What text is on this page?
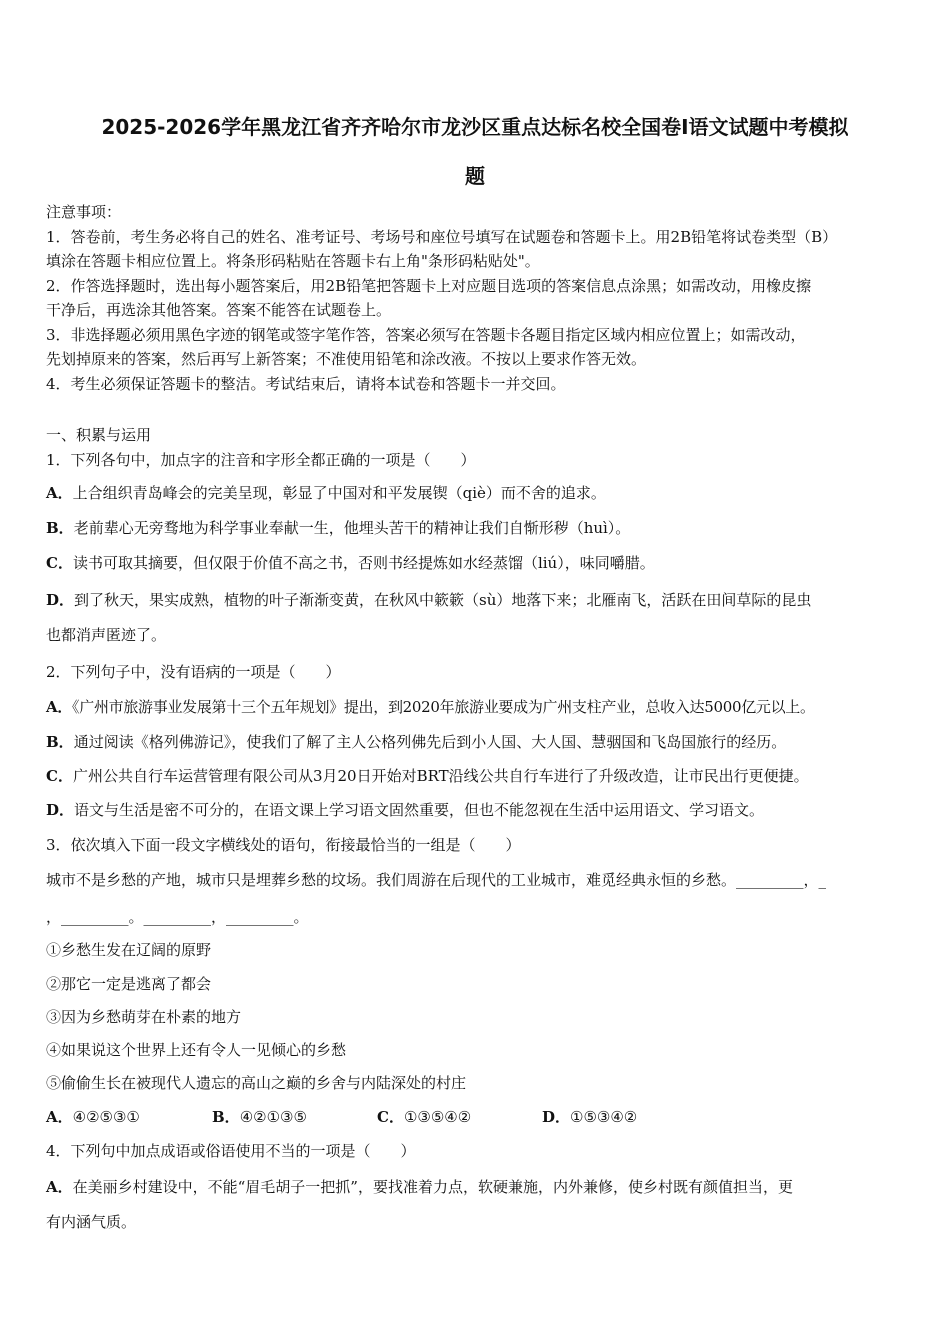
2025-2026学年黑龙江省齐齐哈尔市龙沙区重点达标名校全国卷Ⅰ语文试题中考模拟
题
注意事项：
1．答卷前，考生务必将自己的姓名、准考证号、考场号和座位号填写在试题卷和答题卡上。用2B铅笔将试卷类型（B）
填涂在答题卡相应位置上。将条形码粘贴在答题卡右上角"条形码粘贴处"。
2．作答选择题时，选出每小题答案后，用2B铅笔把答题卡上对应题目选项的答案信息点涂黑；如需改动，用橡皮擦
干净后，再选涂其他答案。答案不能答在试题卷上。
3．非选择题必须用黑色字迹的钢笔或签字笔作答，答案必须写在答题卡各题目指定区域内相应位置上；如需改动，
先划掉原来的答案，然后再写上新答案；不准使用铅笔和涂改液。不按以上要求作答无效。
4．考生必须保证答题卡的整洁。考试结束后，请将本试卷和答题卡一并交回。
一、积累与运用
1．下列各句中，加点字的注音和字形全都正确的一项是（　　）
A．上合组织青岛峰会的完美呈现，彰显了中国对和平发展锲（qiè）而不舍的追求。
B．老前辈心无旁骛地为科学事业奉献一生，他埋头苦干的精神让我们自惭形秽（huì）。
C．读书可取其摘要，但仅限于价值不高之书，否则书经提炼如水经蒸馏（liú），味同嚼腊。
D．到了秋天，果实成熟，植物的叶子渐渐变黄，在秋风中簌簌（sù）地落下来；北雁南飞，活跃在田间草际的昆虫
也都消声匿迹了。
2．下列句子中，没有语病的一项是（　　）
A．《广州市旅游事业发展第十三个五年规划》提出，到2020年旅游业要成为广州支柱产业，总收入达5000亿元以上。
B．通过阅读《格列佛游记》，使我们了解了主人公格列佛先后到小人国、大人国、慧骃国和飞岛国旅行的经历。
C．广州公共自行车运营管理有限公司从3月20日开始对BRT沿线公共自行车进行了升级改造，让市民出行更便捷。
D．语文与生活是密不可分的，在语文课上学习语文固然重要，但也不能忽视在生活中运用语文、学习语文。
3．依次填入下面一段文字横线处的语句，衔接最恰当的一组是（　　）
城市不是乡愁的产地，城市只是埋葬乡愁的坟场。我们周游在后现代的工业城市，难觅经典永恒的乡愁。_________，_
，_________。_________，_________。
①乡愁生发在辽阔的原野
②那它一定是逃离了都会
③因为乡愁萌芽在朴素的地方
④如果说这个世界上还有令人一见倾心的乡愁
⑤偷偷生长在被现代人遗忘的高山之巅的乡舍与内陆深处的村庄
A．④②⑤③①	B．④②①③⑤	C．①③⑤④②	D．①⑤③④②
4．下列句中加点成语或俗语使用不当的一项是（　　）
A．在美丽乡村建设中，不能“眉毛胡子一把抓”，要找准着力点，软硬兼施，内外兼修，使乡村既有颜值担当，更
有内涵气质。
